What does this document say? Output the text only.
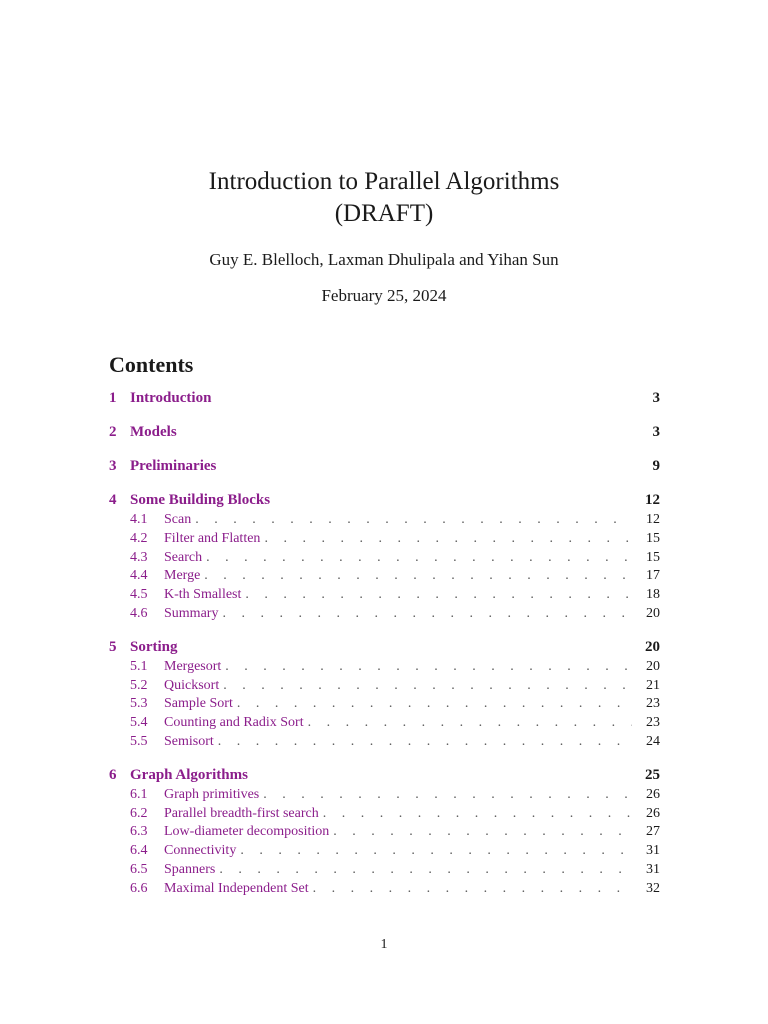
Introduction to Parallel Algorithms
(DRAFT)
Guy E. Blelloch, Laxman Dhulipala and Yihan Sun
February 25, 2024
Contents
1 Introduction	3
2 Models	3
3 Preliminaries	9
4 Some Building Blocks	12
4.1	Scan . . .	12
4.2	Filter and Flatten . . .	15
4.3	Search . . .	15
4.4	Merge . . .	17
4.5	K-th Smallest . . .	18
4.6	Summary . . .	20
5 Sorting	20
5.1	Mergesort . . .	20
5.2	Quicksort . . .	21
5.3	Sample Sort . . .	23
5.4	Counting and Radix Sort . . .	23
5.5	Semisort . . .	24
6 Graph Algorithms	25
6.1	Graph primitives . . .	26
6.2	Parallel breadth-first search . . .	26
6.3	Low-diameter decomposition . . .	27
6.4	Connectivity . . .	31
6.5	Spanners . . .	31
6.6	Maximal Independent Set . . .	32
1
